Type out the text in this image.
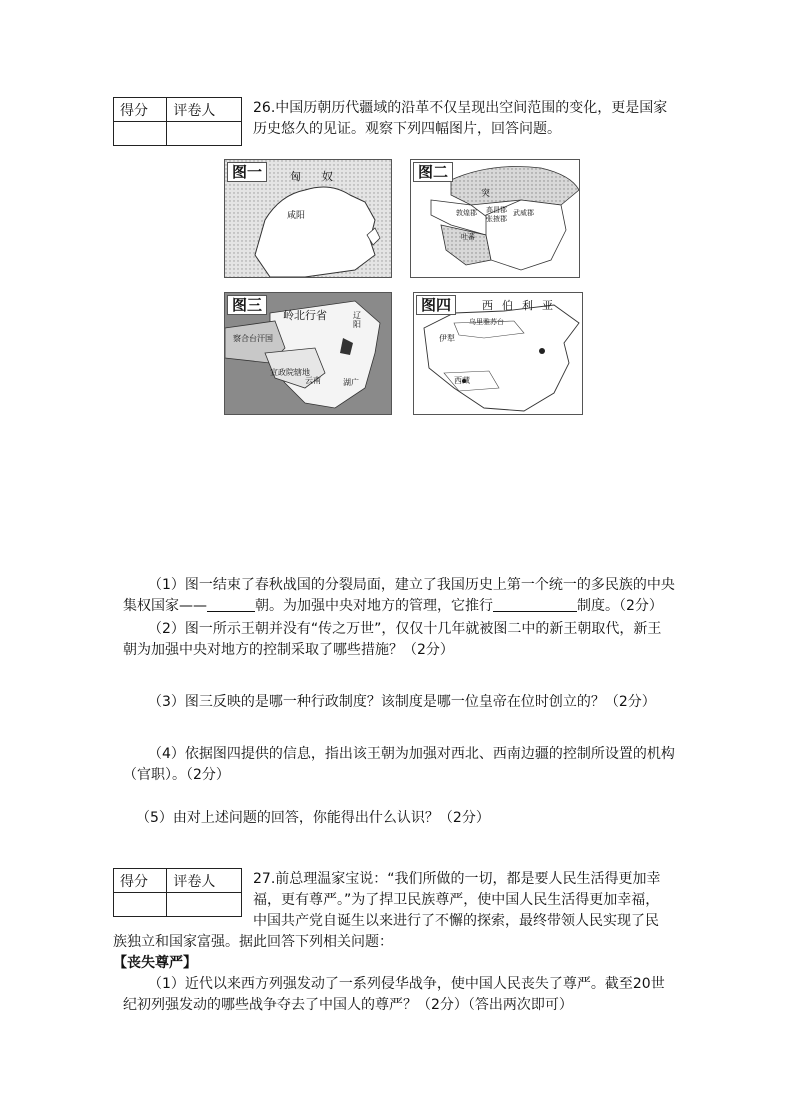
得分	评卷人
		26.中国历朝历代疆域的沿革不仅呈现出空间范围的变化，更是国家
历史悠久的见证。观察下列四幅图片，回答问题。
图一	匈 奴
咸阳
图二
突
敦煌郡 高昌郡
张掖郡
武威郡
吐蕃
图三
岭北行省	辽阳
察合台汗国
宣政院辖地
云南	湖广
图四	西 伯 利 亚
乌里雅苏台
伊犁
西藏
（1）图一结束了春秋战国的分裂局面，建立了我国历史上第一个统一的多民族的中央
集权国家——	朝。为加强中央对地方的管理，它推行	制度。（2分）
（2）图一所示王朝并没有“传之万世”，仅仅十几年就被图二中的新王朝取代，新王
朝为加强中央对地方的控制采取了哪些措施？（2分）
（3）图三反映的是哪一种行政制度？该制度是哪一位皇帝在位时创立的？（2分）
（4）依据图四提供的信息，指出该王朝为加强对西北、西南边疆的控制所设置的机构
（官职）。（2分）
（5）由对上述问题的回答，你能得出什么认识？（2分）
得分	评卷人
		27.前总理温家宝说：“我们所做的一切，都是要人民生活得更加幸
福，更有尊严。”为了捍卫民族尊严，使中国人民生活得更加幸福，
中国共产党自诞生以来进行了不懈的探索，最终带领人民实现了民
族独立和国家富强。据此回答下列相关问题：
【丧失尊严】
（1）近代以来西方列强发动了一系列侵华战争，使中国人民丧失了尊严。截至20世
纪初列强发动的哪些战争夺去了中国人的尊严？（2分）（答出两次即可）
